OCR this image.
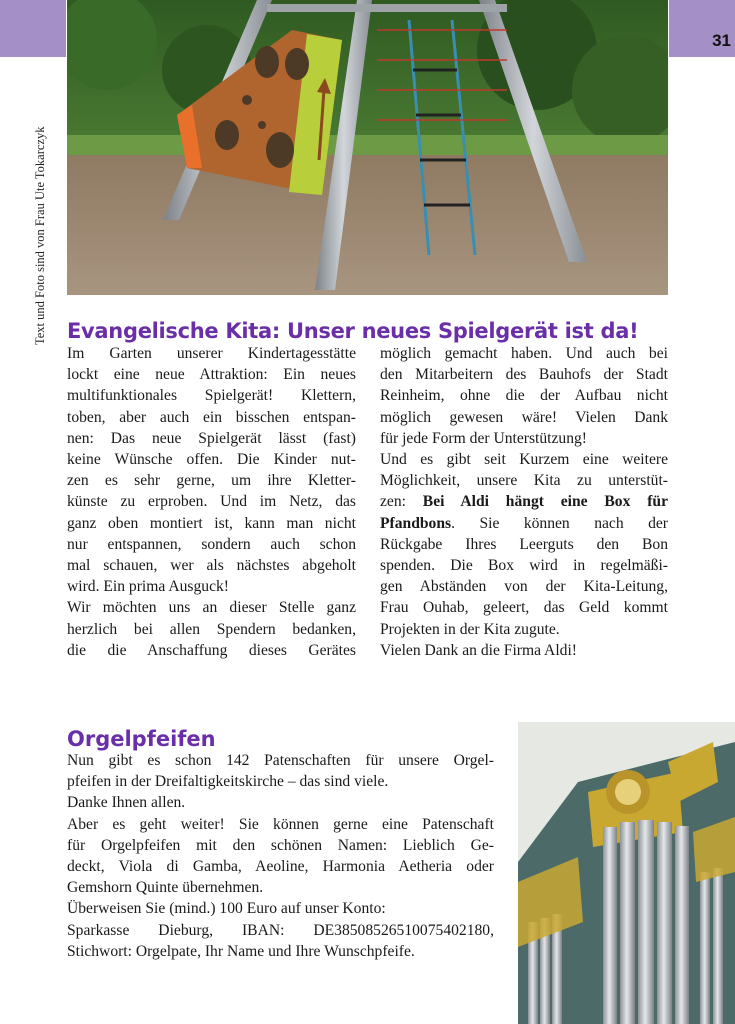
31
Text und Foto sind von Frau Ute Tokarczyk Evangelische Kita: Unser neues Spielgerät ist da!
Im Garten unserer Kindertagesstätte
lockt eine neue Attraktion: Ein neues
multifunktionales Spielgerät! Klettern,
toben, aber auch ein bisschen entspan-
nen: Das neue Spielgerät lässt (fast)
keine Wünsche offen. Die Kinder nut-
zen es sehr gerne, um ihre Kletter-
künste zu erproben. Und im Netz, das
ganz oben montiert ist, kann man nicht
nur entspannen, sondern auch schon
mal schauen, wer als nächstes abgeholt
wird. Ein prima Ausguck!
Wir möchten uns an dieser Stelle ganz
herzlich bei allen Spendern bedanken,
die die Anschaffung dieses Gerätes
möglich gemacht haben. Und auch bei
den Mitarbeitern des Bauhofs der Stadt
Reinheim, ohne die der Aufbau nicht
möglich gewesen wäre! Vielen Dank
für jede Form der Unterstützung!
Und es gibt seit Kurzem eine weitere
Möglichkeit, unsere Kita zu unterstüt-
zen: Bei Aldi hängt eine Box für
Pfandbons. Sie können nach der
Rückgabe Ihres Leerguts den Bon
spenden. Die Box wird in regelmäßi-
gen Abständen von der Kita-Leitung,
Frau Ouhab, geleert, das Geld kommt
Projekten in der Kita zugute.
Vielen Dank an die Firma Aldi!
Orgelpfeifen
Nun gibt es schon 142 Patenschaften für unsere Orgel-
pfeifen in der Dreifaltigkeitskirche – das sind viele.
Danke Ihnen allen.
Aber es geht weiter! Sie können gerne eine Patenschaft
für Orgelpfeifen mit den schönen Namen: Lieblich Ge-
deckt, Viola di Gamba, Aeoline, Harmonia Aetheria oder
Gemshorn Quinte übernehmen.
Überweisen Sie (mind.) 100 Euro auf unser Konto:
Sparkasse Dieburg, IBAN: DE38508526510075402180,
Stichwort: Orgelpate, Ihr Name und Ihre Wunschpfeife.
